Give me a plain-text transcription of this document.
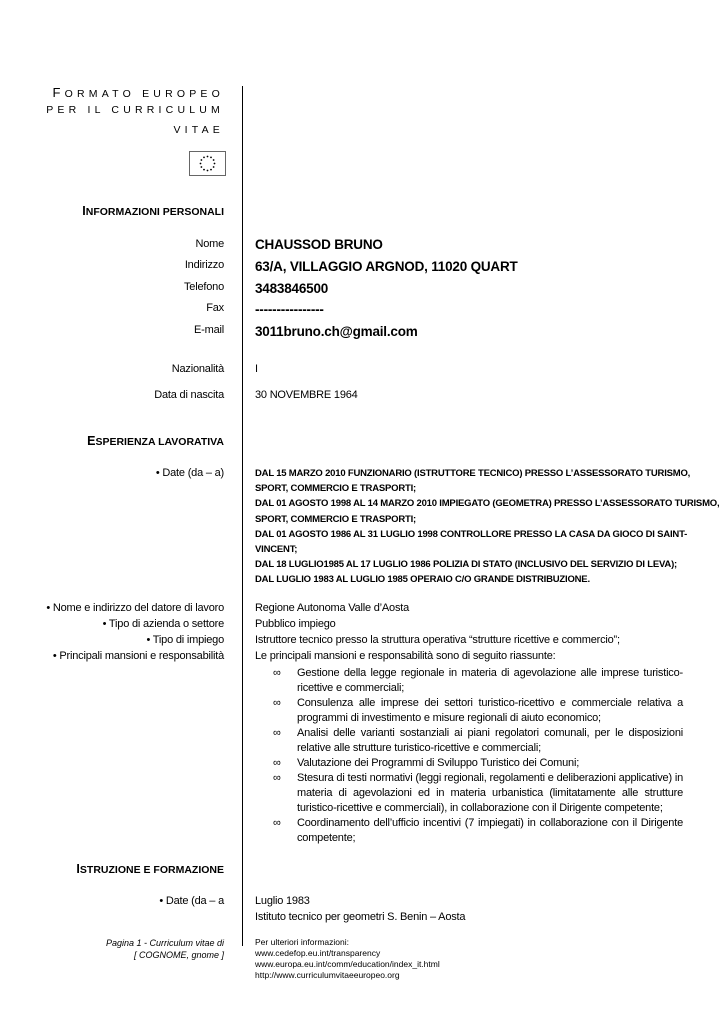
FORMATO EUROPEO
PER IL CURRICULUM
VITAE
INFORMAZIONI PERSONALI
Nome CHAUSSOD BRUNO
Indirizzo 63/A, VILLAGGIO ARGNOD, 11020 QUART
Telefono 3483846500
Fax ----------------
E-mail 3011bruno.ch@gmail.com
Nazionalità	I
Data di nascita	30 NOVEMBRE 1964
ESPERIENZA LAVORATIVA
• Date (da – a)	DAL 15 MARZO 2010 FUNZIONARIO (ISTRUTTORE TECNICO) PRESSO L’ASSESSORATO TURISMO,
SPORT, COMMERCIO E TRASPORTI;
DAL 01 AGOSTO 1998 AL 14 MARZO 2010 IMPIEGATO (GEOMETRA) PRESSO L’ASSESSORATO TURISMO,
SPORT, COMMERCIO E TRASPORTI;
DAL 01 AGOSTO 1986 AL 31 LUGLIO 1998 CONTROLLORE PRESSO LA CASA DA GIOCO DI SAINT-
VINCENT;
DAL 18 LUGLIO1985 AL 17 LUGLIO 1986 POLIZIA DI STATO (INCLUSIVO DEL SERVIZIO DI LEVA);
DAL LUGLIO 1983 AL LUGLIO 1985 OPERAIO C/O GRANDE DISTRIBUZIONE.
• Nome e indirizzo del datore di lavoro	Regione Autonoma Valle d’Aosta
• Tipo di azienda o settore	Pubblico impiego
• Tipo di impiego	Istruttore tecnico presso la struttura operativa “strutture ricettive e commercio”;
• Principali mansioni e responsabilità	Le principali mansioni e responsabilità sono di seguito riassunte:
∞ Gestione della legge regionale in materia di agevolazione alle imprese turistico-ricettive e commerciali;
∞ Consulenza alle imprese dei settori turistico-ricettivo e commerciale relativa a programmi di investimento e misure regionali di aiuto economico;
∞ Analisi delle varianti sostanziali ai piani regolatori comunali, per le disposizioni relative alle strutture turistico-ricettive e commerciali;
∞ Valutazione dei Programmi di Sviluppo Turistico dei Comuni;
∞ Stesura di testi normativi (leggi regionali, regolamenti e deliberazioni applicative) in materia di agevolazioni ed in materia urbanistica (limitatamente alle strutture turistico-ricettive e commerciali), in collaborazione con il Dirigente competente;
∞ Coordinamento dell’ufficio incentivi (7 impiegati) in collaborazione con il Dirigente competente;
ISTRUZIONE E FORMAZIONE
• Date (da – a	Luglio 1983
Istituto tecnico per geometri S. Benin – Aosta
Pagina 1 - Curriculum vitae di
[ COGNOME, gnome ]
Per ulteriori informazioni:
www.cedefop.eu.int/transparency
www.europa.eu.int/comm/education/index_it.html
http://www.curriculumvitaeeuropeo.org
